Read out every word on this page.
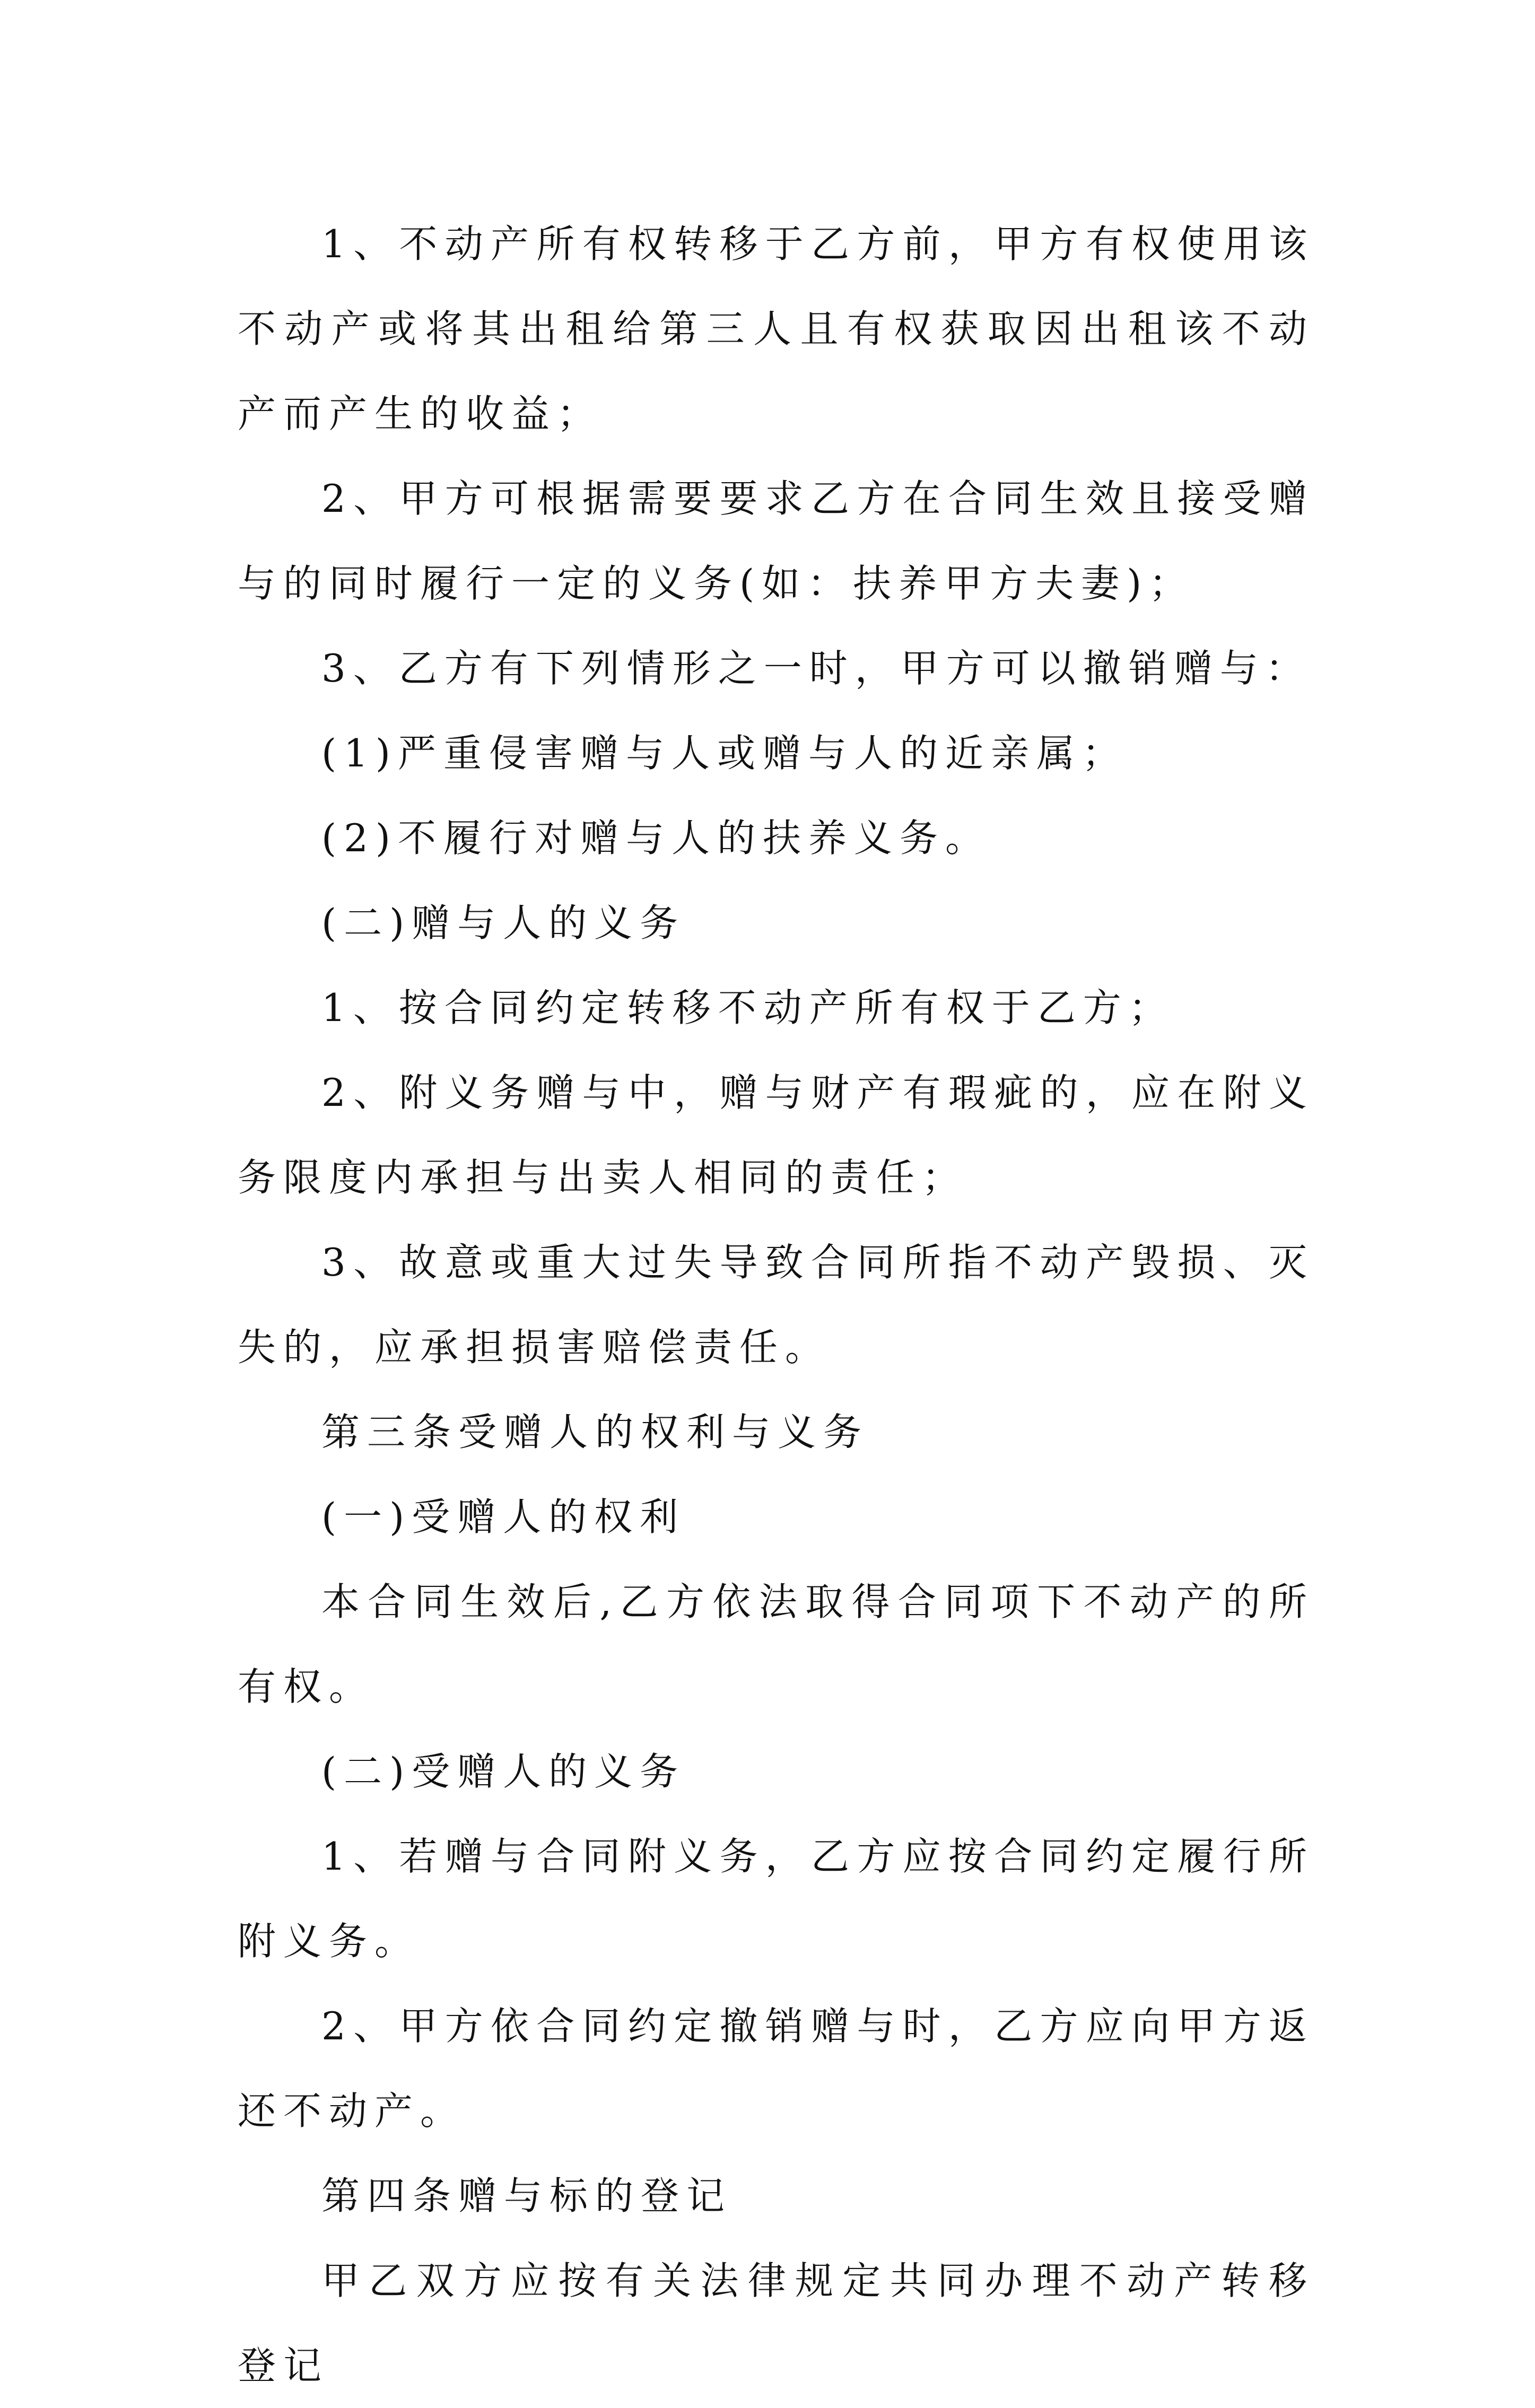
1、不动产所有权转移于乙方前，甲方有权使用该不动产或将其出租给第三人且有权获取因出租该不动产而产生的收益；

2、甲方可根据需要要求乙方在合同生效且接受赠与的同时履行一定的义务(如：扶养甲方夫妻)；

3、乙方有下列情形之一时，甲方可以撤销赠与：

(1)严重侵害赠与人或赠与人的近亲属；

(2)不履行对赠与人的扶养义务。

(二)赠与人的义务

1、按合同约定转移不动产所有权于乙方；

2、附义务赠与中，赠与财产有瑕疵的，应在附义务限度内承担与出卖人相同的责任；

3、故意或重大过失导致合同所指不动产毁损、灭失的，应承担损害赔偿责任。

第三条受赠人的权利与义务

(一)受赠人的权利

本合同生效后,乙方依法取得合同项下不动产的所有权。

(二)受赠人的义务

1、若赠与合同附义务，乙方应按合同约定履行所附义务。

2、甲方依合同约定撤销赠与时，乙方应向甲方返还不动产。

第四条赠与标的登记

甲乙双方应按有关法律规定共同办理不动产转移登记
